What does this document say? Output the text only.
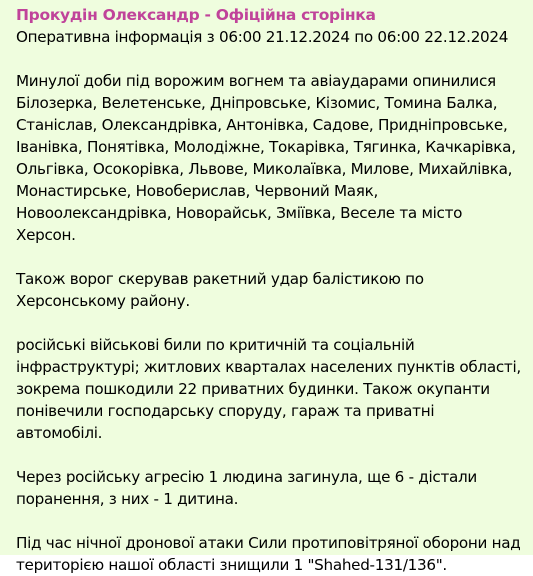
Прокудін Олександр - Офіційна сторінка

Оперативна інформація з 06:00 21.12.2024 по 06:00 22.12.2024

Минулої доби під ворожим вогнем та авіаударами опинилися Білозерка, Велетенське, Дніпровське, Кізомис, Томина Балка, Станіслав, Олександрівка, Антонівка, Садове, Придніпровське, Іванівка, Понятівка, Молодіжне, Токарівка, Тягинка, Качкарівка, Ольгівка, Осокорівка, Львове, Миколаївка, Милове, Михайлівка, Монастирське, Новоберислав, Червоний Маяк, Новоолександрівка, Новорайськ, Зміївка, Веселе та місто Херсон.

Також ворог скерував ракетний удар балістикою по Херсонському району.

російські військові били по критичній та соціальній інфраструктурі; житлових кварталах населених пунктів області, зокрема пошкодили 22 приватних будинки. Також окупанти понівечили господарську споруду, гараж та приватні автомобілі.

Через російську агресію 1 людина загинула, ще 6 - дістали поранення, з них - 1 дитина.

Під час нічної дронової атаки Сили протиповітряної оборони над територією нашої області знищили 1 "Shahed-131/136".
